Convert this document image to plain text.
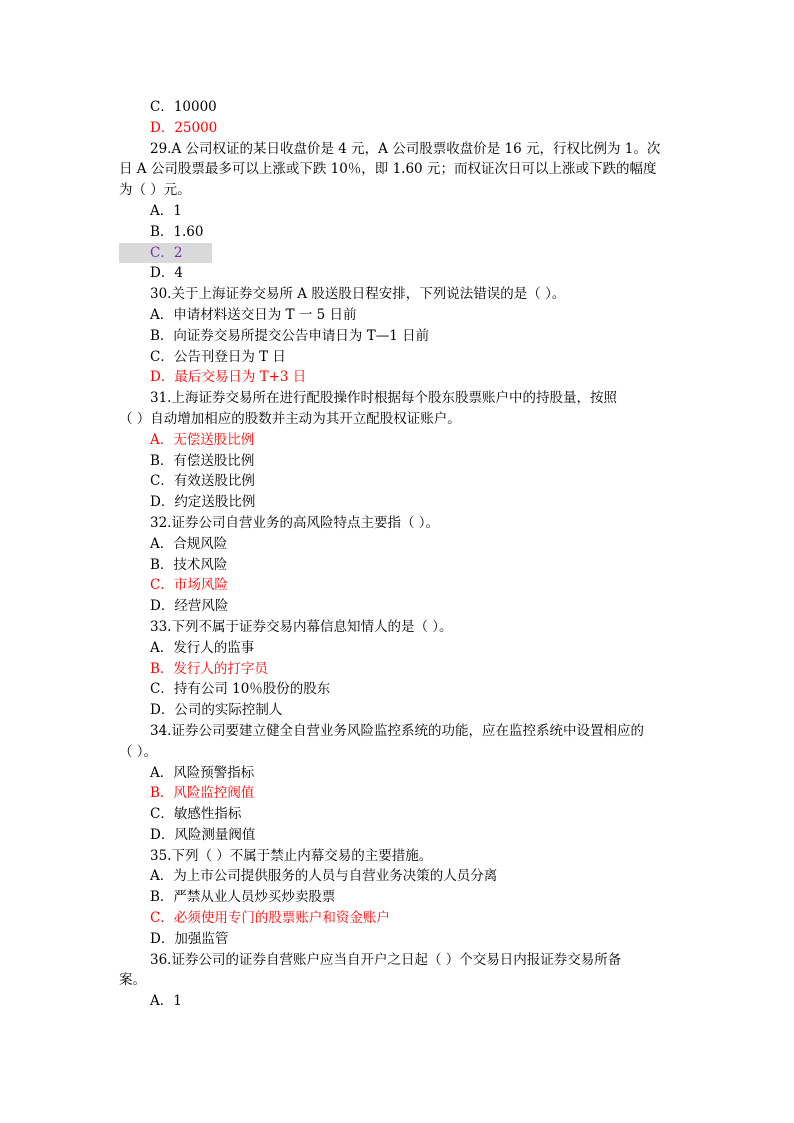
C．10000
D．25000
29.A 公司权证的某日收盘价是 4 元，A 公司股票收盘价是 16 元，行权比例为 1。次
日 A 公司股票最多可以上涨或下跌 10％，即 1.60 元；而权证次日可以上涨或下跌的幅度
为（ ）元。
A．1
B．1.60
C．2
D．4
30.关于上海证券交易所 A 股送股日程安排，下列说法错误的是（ ）。
A．申请材料送交日为 T 一 5 日前
B．向证券交易所提交公告申请日为 T—1 日前
C．公告刊登日为 T 日
D．最后交易日为 T+3 日
31.上海证券交易所在进行配股操作时根据每个股东股票账户中的持股量，按照
（ ）自动增加相应的股数并主动为其开立配股权证账户。
A．无偿送股比例
B．有偿送股比例
C．有效送股比例
D．约定送股比例
32.证券公司自营业务的高风险特点主要指（ ）。
A．合规风险
B．技术风险
C．市场风险
D．经营风险
33.下列不属于证券交易内幕信息知情人的是（ ）。
A．发行人的监事
B．发行人的打字员
C．持有公司 10％股份的股东
D．公司的实际控制人
34.证券公司要建立健全自营业务风险监控系统的功能，应在监控系统中设置相应的
（ ）。
A．风险预警指标
B．风险监控阀值
C．敏感性指标
D．风险测量阀值
35.下列（ ）不属于禁止内幕交易的主要措施。
A．为上市公司提供服务的人员与自营业务决策的人员分离
B．严禁从业人员炒买炒卖股票
C．必须使用专门的股票账户和资金账户
D．加强监管
36.证券公司的证券自营账户应当自开户之日起（ ）个交易日内报证券交易所备
案。
A．1
